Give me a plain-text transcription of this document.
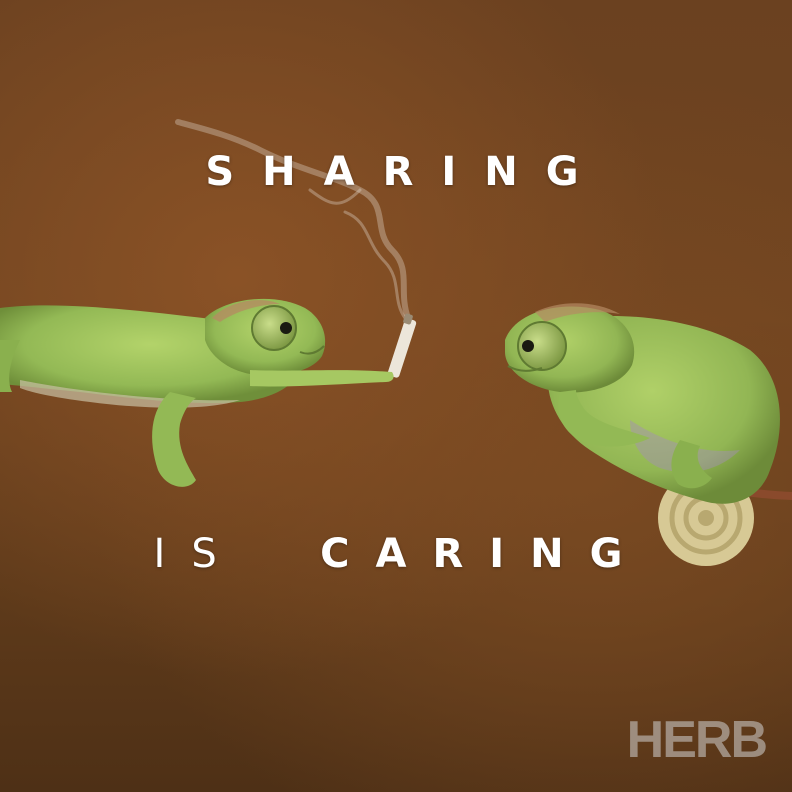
SHARING
IS CARING
HERB
